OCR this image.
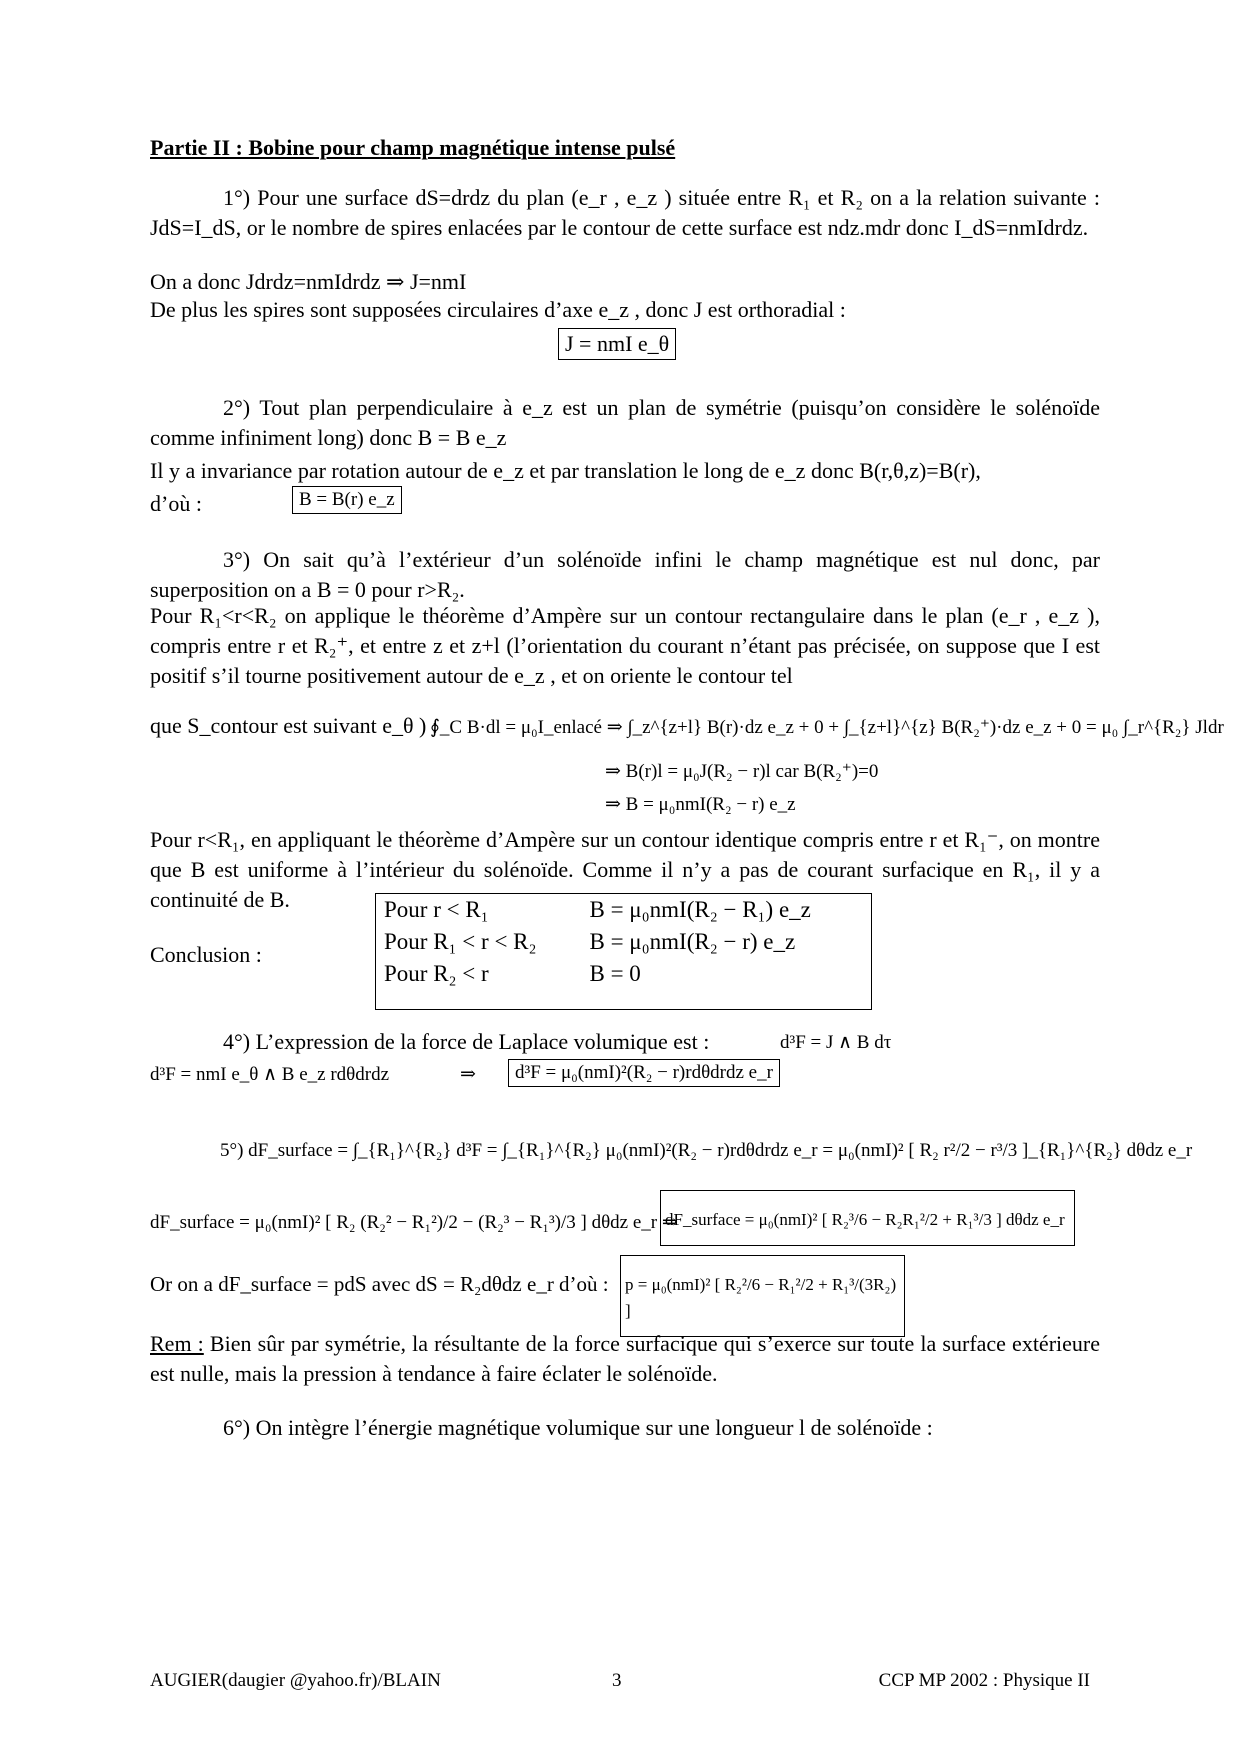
Partie II : Bobine pour champ magnétique intense pulsé
1°) Pour une surface dS=drdz du plan (e_r , e_z ) située entre R₁ et R₂ on a la relation suivante : JdS=I_dS, or le nombre de spires enlacées par le contour de cette surface est ndz.mdr donc I_dS=nmIdrdz.
On a donc Jdrdz=nmIdrdz ⇒ J=nmI
De plus les spires sont supposées circulaires d’axe e_z , donc J est orthoradial :
J = nmI e_θ
2°) Tout plan perpendiculaire à e_z est un plan de symétrie (puisqu’on considère le solénoïde comme infiniment long) donc B = B e_z
Il y a invariance par rotation autour de e_z et par translation le long de e_z donc B(r,θ,z)=B(r),
d’où :	B = B(r) e_z
3°) On sait qu’à l’extérieur d’un solénoïde infini le champ magnétique est nul donc, par superposition on a B = 0 pour r>R₂.
Pour R₁<r<R₂ on applique le théorème d’Ampère sur un contour rectangulaire dans le plan (e_r , e_z ), compris entre r et R₂⁺, et entre z et z+l (l’orientation du courant n’étant pas précisée, on suppose que I est positif s’il tourne positivement autour de e_z , et on oriente le contour tel
que S_contour est suivant e_θ ) :
∮_C B·dl = μ₀I_enlacé ⇒ ∫_z^{z+l} B(r)·dz e_z + 0 + ∫_{z+l}^{z} B(R₂⁺)·dz e_z + 0 = μ₀ ∫_r^{R₂} Jldr
⇒ B(r)l = μ₀J(R₂ − r)l car B(R₂⁺)=0
⇒ B = μ₀nmI(R₂ − r) e_z
Pour r<R₁, en appliquant le théorème d’Ampère sur un contour identique compris entre r et R₁⁻, on montre que B est uniforme à l’intérieur du solénoïde. Comme il n’y a pas de courant surfacique en R₁, il y a continuité de B.
Conclusion :
Pour r < R₁	B = μ₀nmI(R₂ − R₁) e_z
Pour R₁ < r < R₂	B = μ₀nmI(R₂ − r) e_z
Pour R₂ < r	B = 0
4°) L’expression de la force de Laplace volumique est :	d³F = J ∧ B dτ
d³F = nmI e_θ ∧ B e_z rdθdrdz	⇒	d³F = μ₀(nmI)²(R₂ − r)rdθdrdz e_r
5°) dF_surface = ∫_{R₁}^{R₂} d³F = ∫_{R₁}^{R₂} μ₀(nmI)²(R₂ − r)rdθdrdz e_r = μ₀(nmI)² [ R₂ r²/2 − r³/3 ]_{R₁}^{R₂} dθdz e_r
dF_surface = μ₀(nmI)² [ R₂ (R₂² − R₁²)/2 − (R₂³ − R₁³)/3 ] dθdz e_r ⇒
dF_surface = μ₀(nmI)² [ R₂³/6 − R₂R₁²/2 + R₁³/3 ] dθdz e_r
Or on a dF_surface = pdS avec dS = R₂dθdz e_r d’où : p = μ₀(nmI)² [ R₂²/6 − R₁²/2 + R₁³/(3R₂) ]
Rem : Bien sûr par symétrie, la résultante de la force surfacique qui s’exerce sur toute la surface extérieure est nulle, mais la pression à tendance à faire éclater le solénoïde.
6°) On intègre l’énergie magnétique volumique sur une longueur l de solénoïde :
AUGIER(daugier @yahoo.fr)/BLAIN	3	CCP MP 2002 : Physique II
